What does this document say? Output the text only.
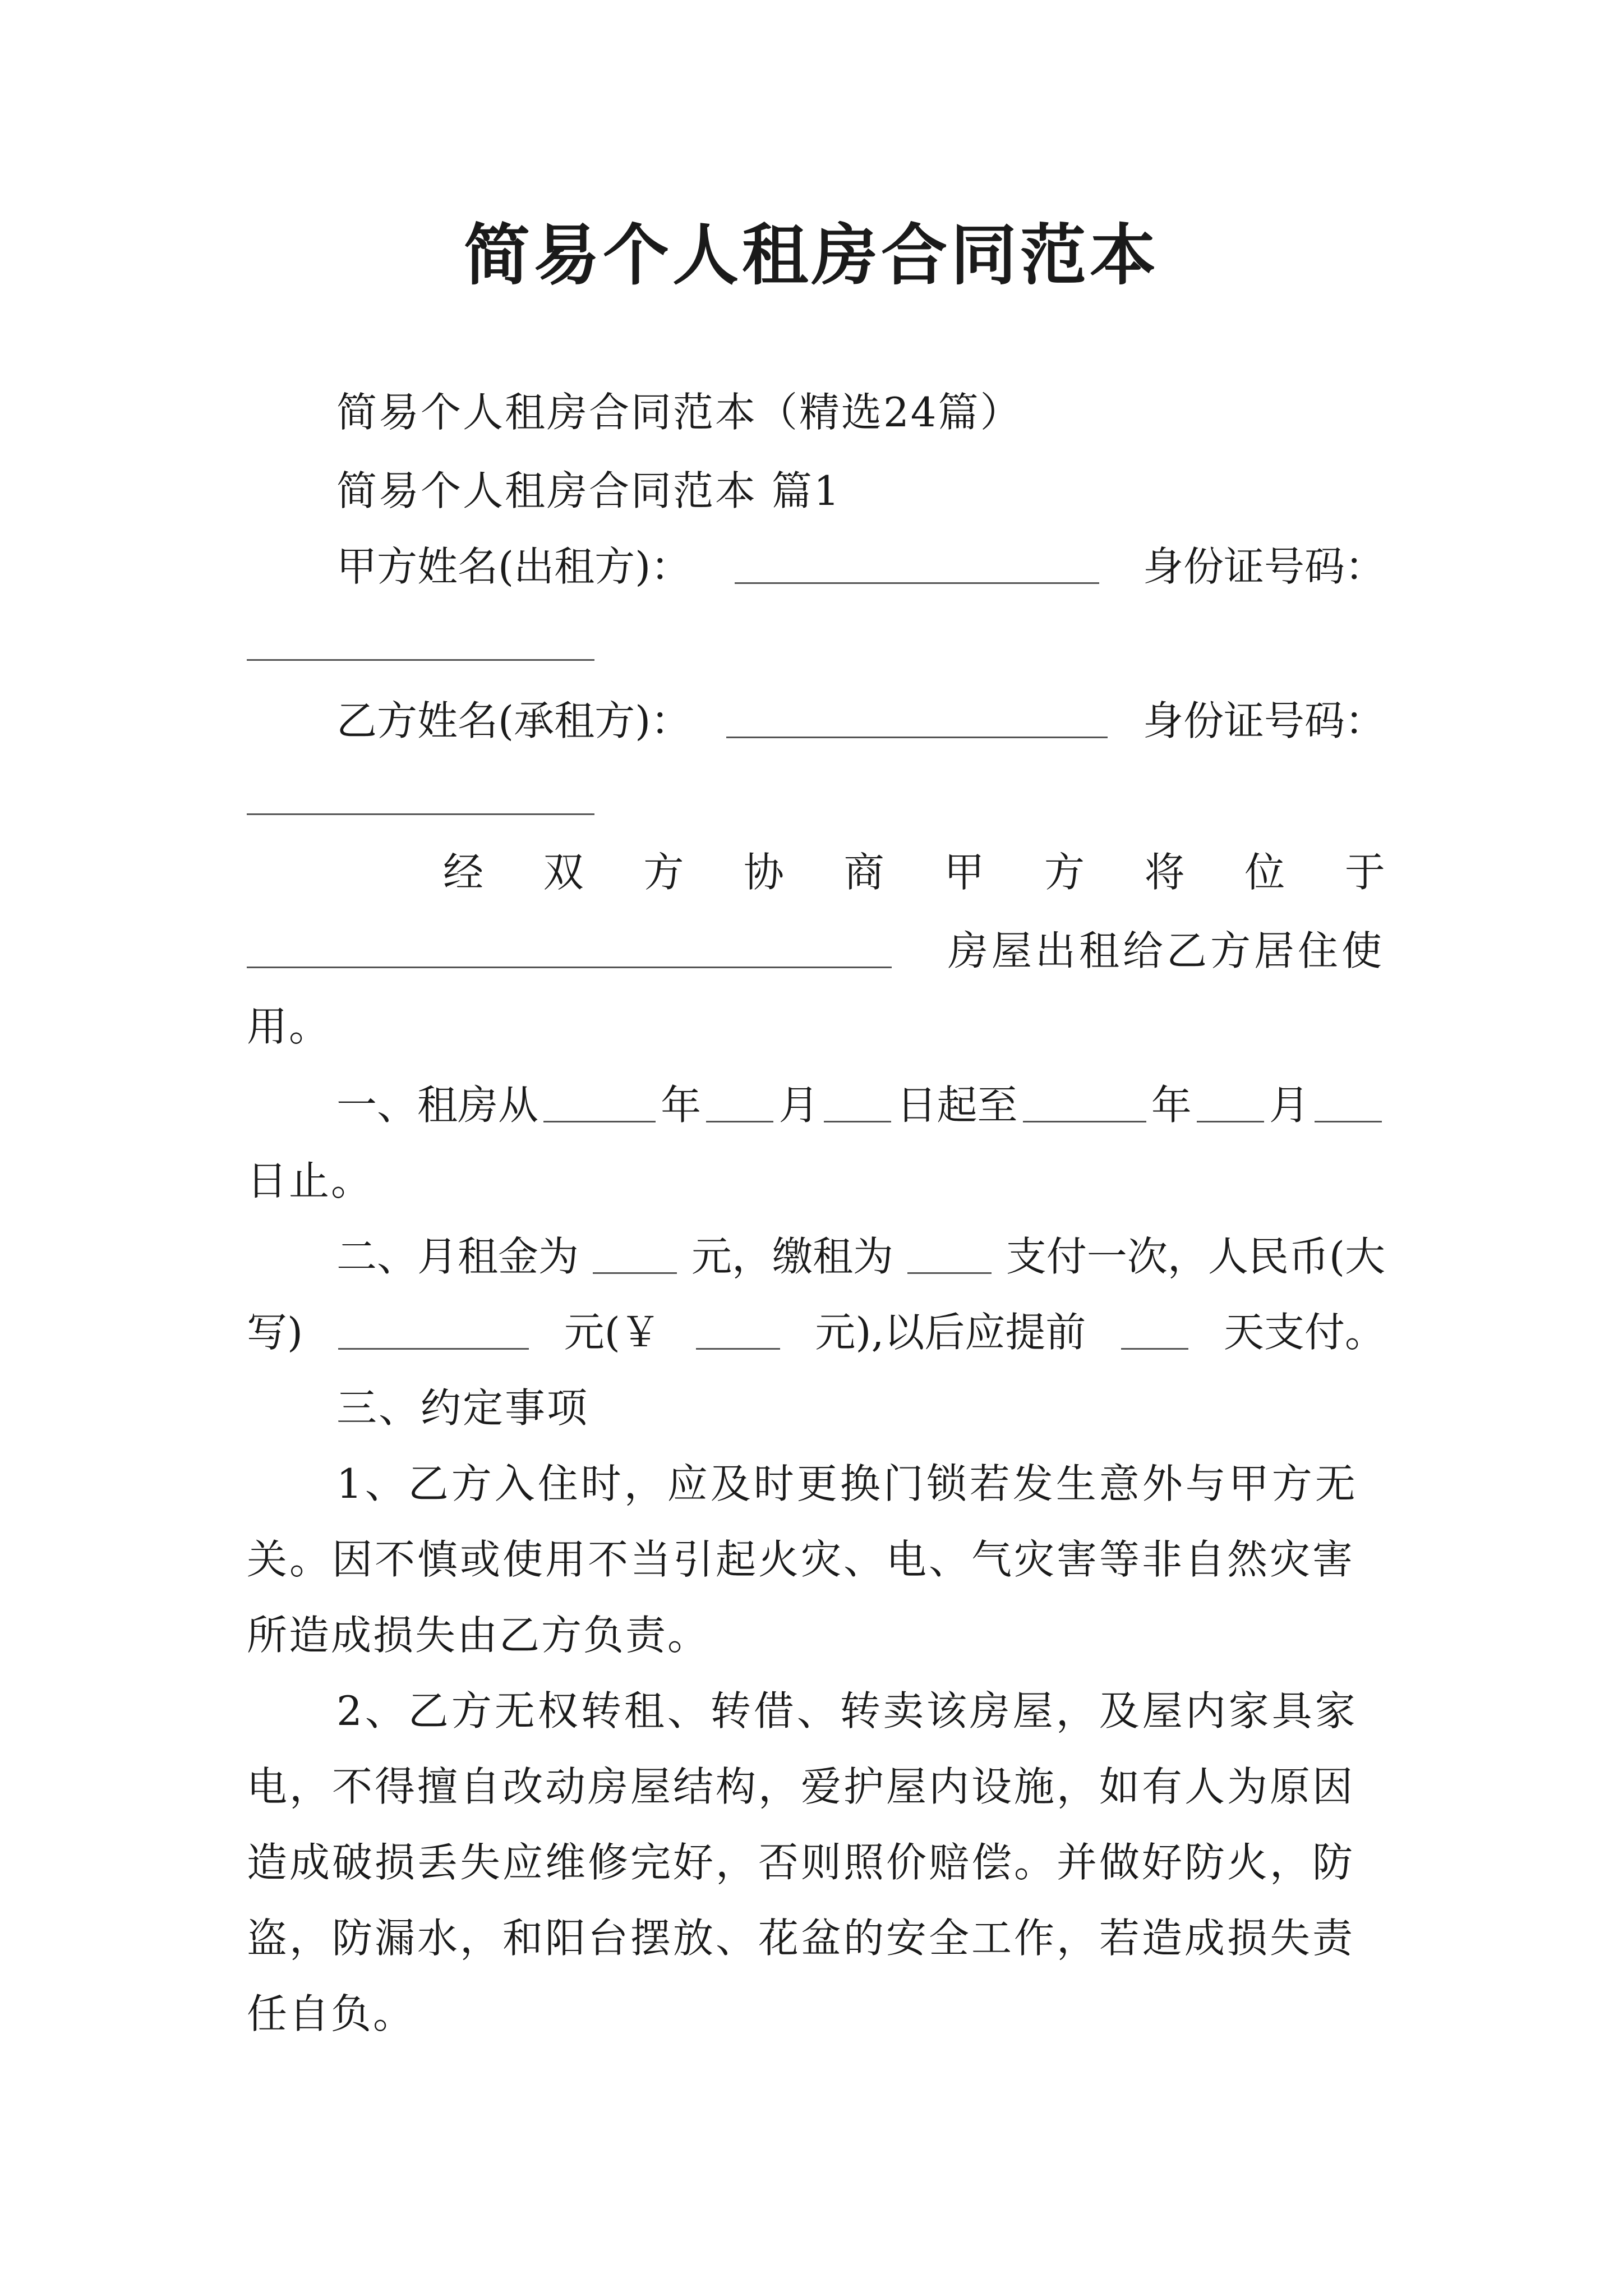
简易个人租房合同范本
简易个人租房合同范本（精选24篇）
简易个人租房合同范本 篇1
甲方姓名(出租方)：	身份证号码：
乙方姓名(承租方)：	身份证号码：
经 双 方 协 商 甲 方 将 位 于
房屋出租给乙方居住使
用。
一、租房从	年 月 日起至	年 月
日止。
二、月租金为	元，缴租为	支付一次，人民币(大
写)	元(￥	元),以后应提前	天支付。
三、约定事项
1、乙方入住时，应及时更换门锁若发生意外与甲方无
关。因不慎或使用不当引起火灾、电、气灾害等非自然灾害
所造成损失由乙方负责。
2、乙方无权转租、转借、转卖该房屋，及屋内家具家
电，不得擅自改动房屋结构，爱护屋内设施，如有人为原因
造成破损丢失应维修完好，否则照价赔偿。并做好防火，防
盗，防漏水，和阳台摆放、花盆的安全工作，若造成损失责
任自负。
